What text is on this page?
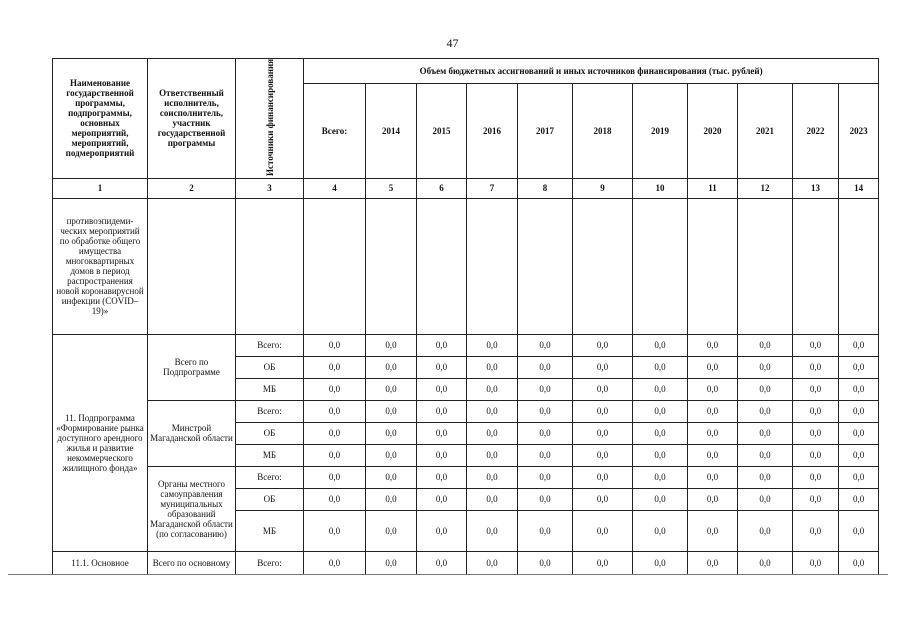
47
Наименование государственной программы, подпрограммы, основных мероприятий, мероприятий, подмероприятий	Ответственный исполнитель, соисполнитель, участник государственной программы	Источники финансирования	Объем бюджетных ассигнований и иных источников финансирования (тыс. рублей)										
			Всего:	2014	2015	2016	2017	2018	2019	2020	2021	2022	2023
1	2	3	4	5	6	7	8	9	10	11	12	13	14
противоэпидеми-ческих мероприятий по обработке общего имущества многоквартирных домов в период распространения новой коронавирусной инфекции (COVID–19)»													
11. Подпрограмма «Формирование рынка доступного арендного жилья и развитие некоммерческого жилищного фонда»	Всего по Подпрограмме	Всего:	0,0	0,0	0,0	0,0	0,0	0,0	0,0	0,0	0,0	0,0	0,0
		ОБ	0,0	0,0	0,0	0,0	0,0	0,0	0,0	0,0	0,0	0,0	0,0
		МБ	0,0	0,0	0,0	0,0	0,0	0,0	0,0	0,0	0,0	0,0	0,0
	Минстрой Магаданской области	Всего:	0,0	0,0	0,0	0,0	0,0	0,0	0,0	0,0	0,0	0,0	0,0
		ОБ	0,0	0,0	0,0	0,0	0,0	0,0	0,0	0,0	0,0	0,0	0,0
		МБ	0,0	0,0	0,0	0,0	0,0	0,0	0,0	0,0	0,0	0,0	0,0
	Органы местного самоуправления муниципальных образований Магаданской области (по согласованию)	Всего:	0,0	0,0	0,0	0,0	0,0	0,0	0,0	0,0	0,0	0,0	0,0
		ОБ	0,0	0,0	0,0	0,0	0,0	0,0	0,0	0,0	0,0	0,0	0,0
		МБ	0,0	0,0	0,0	0,0	0,0	0,0	0,0	0,0	0,0	0,0	0,0
11.1. Основное	Всего по основному	Всего:	0,0	0,0	0,0	0,0	0,0	0,0	0,0	0,0	0,0	0,0	0,0
